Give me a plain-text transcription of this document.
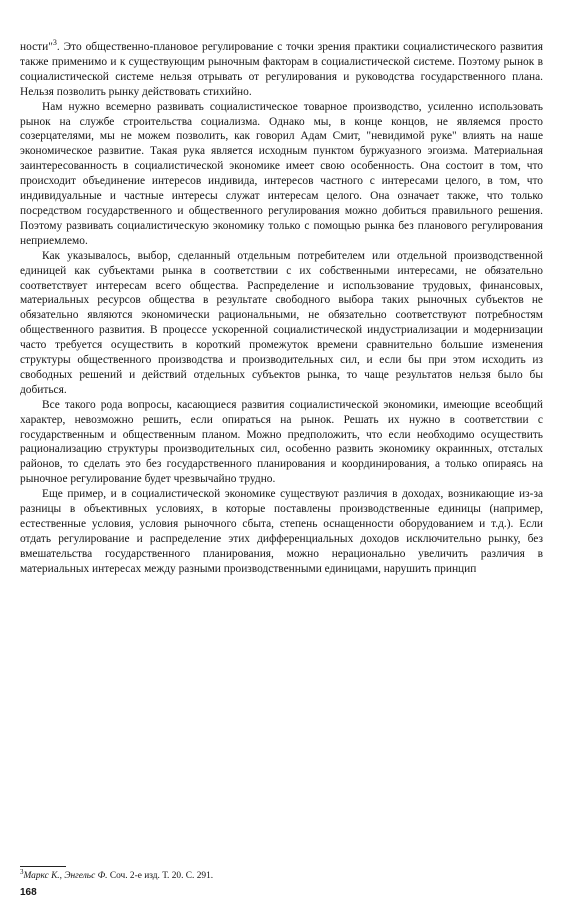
ности"$^3$. Это общественно-плановое регулирование с точки зрения практики социалистического развития также применимо и к существующим рыночным факторам в социалистической системе. Поэтому рынок в социалистической системе нельзя отрывать от регулирования и руководства государственного плана. Нельзя позволить рынку действовать стихийно.

Нам нужно всемерно развивать социалистическое товарное производство, усиленно использовать рынок на службе строительства социализма. Однако мы, в конце концов, не являемся просто созерцателями, мы не можем позволить, как говорил Адам Смит, "невидимой руке" влиять на наше экономическое развитие. Такая рука является исходным пунктом буржуазного эгоизма. Материальная заинтересованность в социалистической экономике имеет свою особенность. Она состоит в том, что происходит объединение интересов индивида, интересов частного с интересами целого, в том, что индивидуальные и частные интересы служат интересам целого. Она означает также, что только посредством государственного и общественного регулирования можно добиться правильного решения. Поэтому развивать социалистическую экономику только с помощью рынка без планового регулирования неприемлемо.

Как указывалось, выбор, сделанный отдельным потребителем или отдельной производственной единицей как субъектами рынка в соответствии с их собственными интересами, не обязательно соответствует интересам всего общества. Распределение и использование трудовых, финансовых, материальных ресурсов общества в результате свободного выбора таких рыночных субъектов не обязательно являются экономически рациональными, не обязательно соответствуют потребностям общественного развития. В процессе ускоренной социалистической индустриализации и модернизации часто требуется осуществить в короткий промежуток времени сравнительно большие изменения структуры общественного производства и производительных сил, и если бы при этом исходить из свободных решений и действий отдельных субъектов рынка, то чаще результатов нельзя было бы добиться.

Все такого рода вопросы, касающиеся развития социалистической экономики, имеющие всеобщий характер, невозможно решить, если опираться на рынок. Решать их нужно в соответствии с государственным и общественным планом. Можно предположить, что если необходимо осуществить рационализацию структуры производительных сил, особенно развить экономику окраинных, отсталых районов, то сделать это без государственного планирования и координирования, а только опираясь на рыночное регулирование будет чрезвычайно трудно.

Еще пример, и в социалистической экономике существуют различия в доходах, возникающие из-за разницы в объективных условиях, в которые поставлены производственные единицы (например, естественные условия, условия рыночного сбыта, степень оснащенности оборудованием и т.д.). Если отдать регулирование и распределение этих дифференциальных доходов исключительно рынку, без вмешательства государственного планирования, можно нерационально увеличить различия в материальных интересах между разными производственными единицами, нарушить принцип

$^3$Маркс К., Энгельс Ф. Соч. 2-е изд. Т. 20. С. 291.
168
